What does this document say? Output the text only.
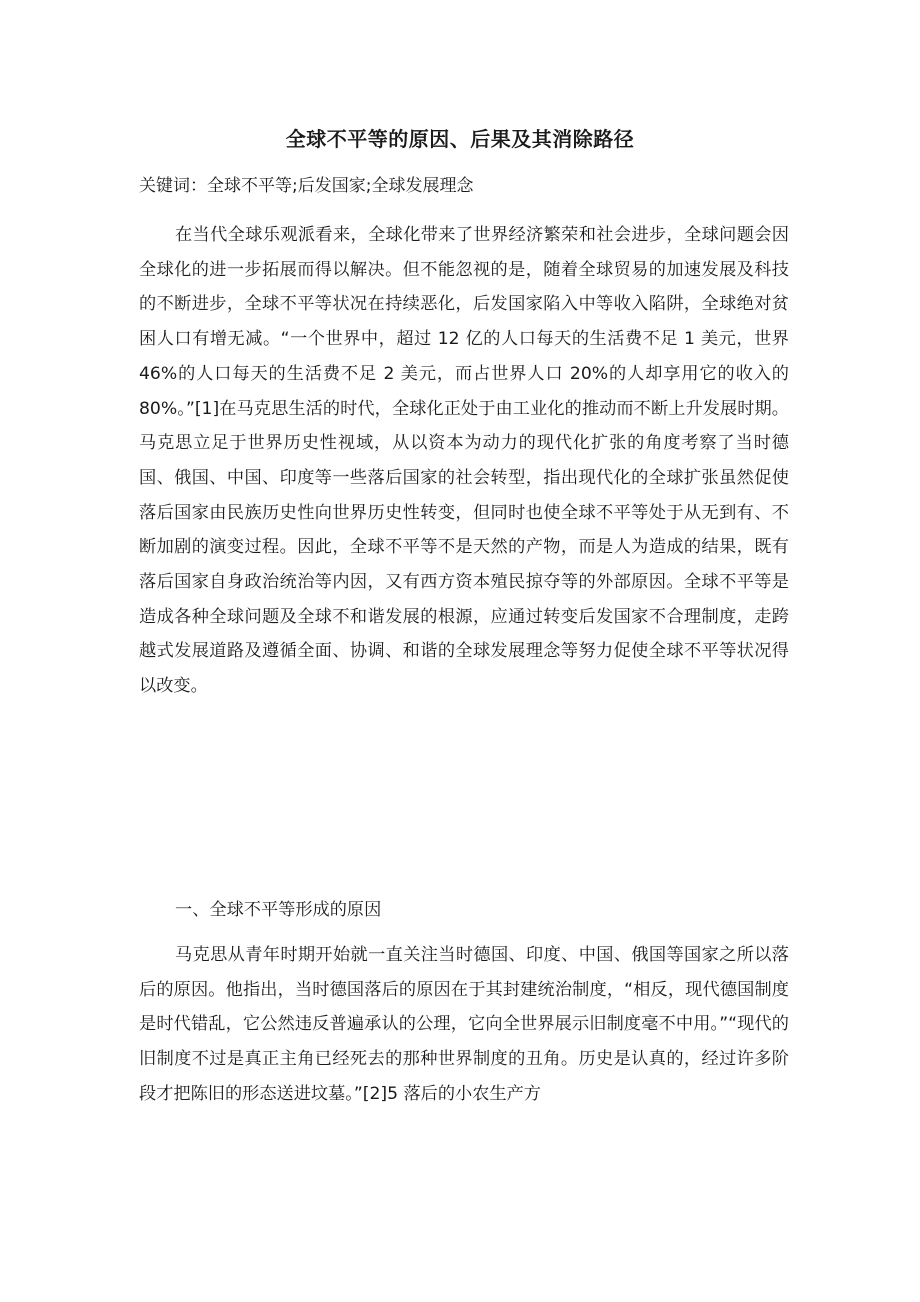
全球不平等的原因、后果及其消除路径
关键词：全球不平等;后发国家;全球发展理念

在当代全球乐观派看来，全球化带来了世界经济繁荣和社会进步，全球问题会因全球化的进一步拓展而得以解决。但不能忽视的是，随着全球贸易的加速发展及科技的不断进步，全球不平等状况在持续恶化，后发国家陷入中等收入陷阱，全球绝对贫困人口有增无减。“一个世界中，超过 12 亿的人口每天的生活费不足 1 美元，世界 46%的人口每天的生活费不足 2 美元，而占世界人口 20%的人却享用它的收入的 80%。”[1]在马克思生活的时代，全球化正处于由工业化的推动而不断上升发展时期。马克思立足于世界历史性视域，从以资本为动力的现代化扩张的角度考察了当时德国、俄国、中国、印度等一些落后国家的社会转型，指出现代化的全球扩张虽然促使落后国家由民族历史性向世界历史性转变，但同时也使全球不平等处于从无到有、不断加剧的演变过程。因此，全球不平等不是天然的产物，而是人为造成的结果，既有落后国家自身政治统治等内因，又有西方资本殖民掠夺等的外部原因。全球不平等是造成各种全球问题及全球不和谐发展的根源，应通过转变后发国家不合理制度，走跨越式发展道路及遵循全面、协调、和谐的全球发展理念等努力促使全球不平等状况得以改变。

一、全球不平等形成的原因

马克思从青年时期开始就一直关注当时德国、印度、中国、俄国等国家之所以落后的原因。他指出，当时德国落后的原因在于其封建统治制度，“相反，现代德国制度是时代错乱，它公然违反普遍承认的公理，它向全世界展示旧制度毫不中用。”“现代的旧制度不过是真正主角已经死去的那种世界制度的丑角。历史是认真的，经过许多阶段才把陈旧的形态送进坟墓。”[2]5 落后的小农生产方
